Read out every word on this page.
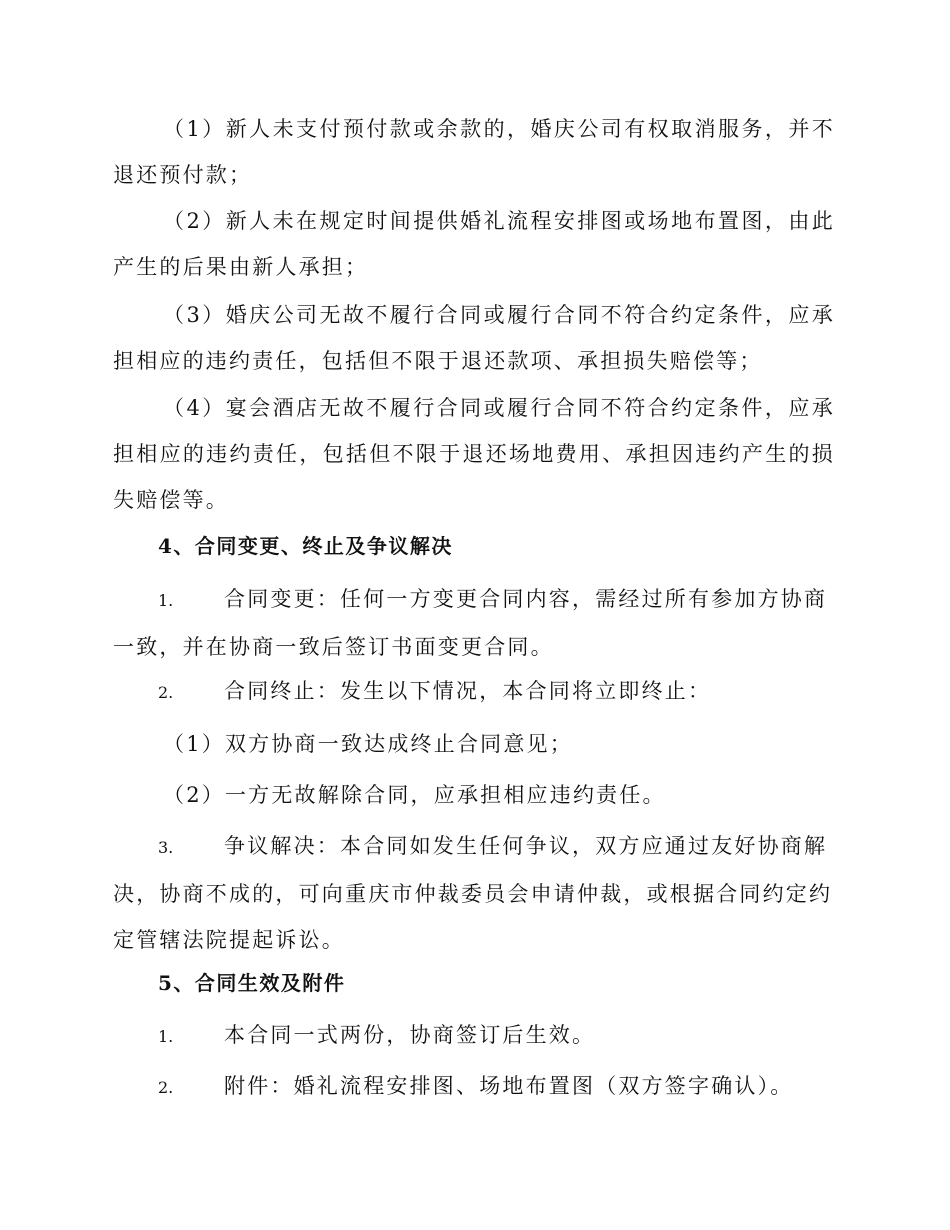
（1）新人未支付预付款或余款的，婚庆公司有权取消服务，并不退还预付款；

（2）新人未在规定时间提供婚礼流程安排图或场地布置图，由此产生的后果由新人承担；

（3）婚庆公司无故不履行合同或履行合同不符合约定条件，应承担相应的违约责任，包括但不限于退还款项、承担损失赔偿等；

（4）宴会酒店无故不履行合同或履行合同不符合约定条件，应承担相应的违约责任，包括但不限于退还场地费用、承担因违约产生的损失赔偿等。

4、合同变更、终止及争议解决

1. 合同变更：任何一方变更合同内容，需经过所有参加方协商一致，并在协商一致后签订书面变更合同。

2. 合同终止：发生以下情况，本合同将立即终止：

（1）双方协商一致达成终止合同意见；

（2）一方无故解除合同，应承担相应违约责任。

3. 争议解决：本合同如发生任何争议，双方应通过友好协商解决，协商不成的，可向重庆市仲裁委员会申请仲裁，或根据合同约定约定管辖法院提起诉讼。

5、合同生效及附件

1. 本合同一式两份，协商签订后生效。

2. 附件：婚礼流程安排图、场地布置图（双方签字确认）。
